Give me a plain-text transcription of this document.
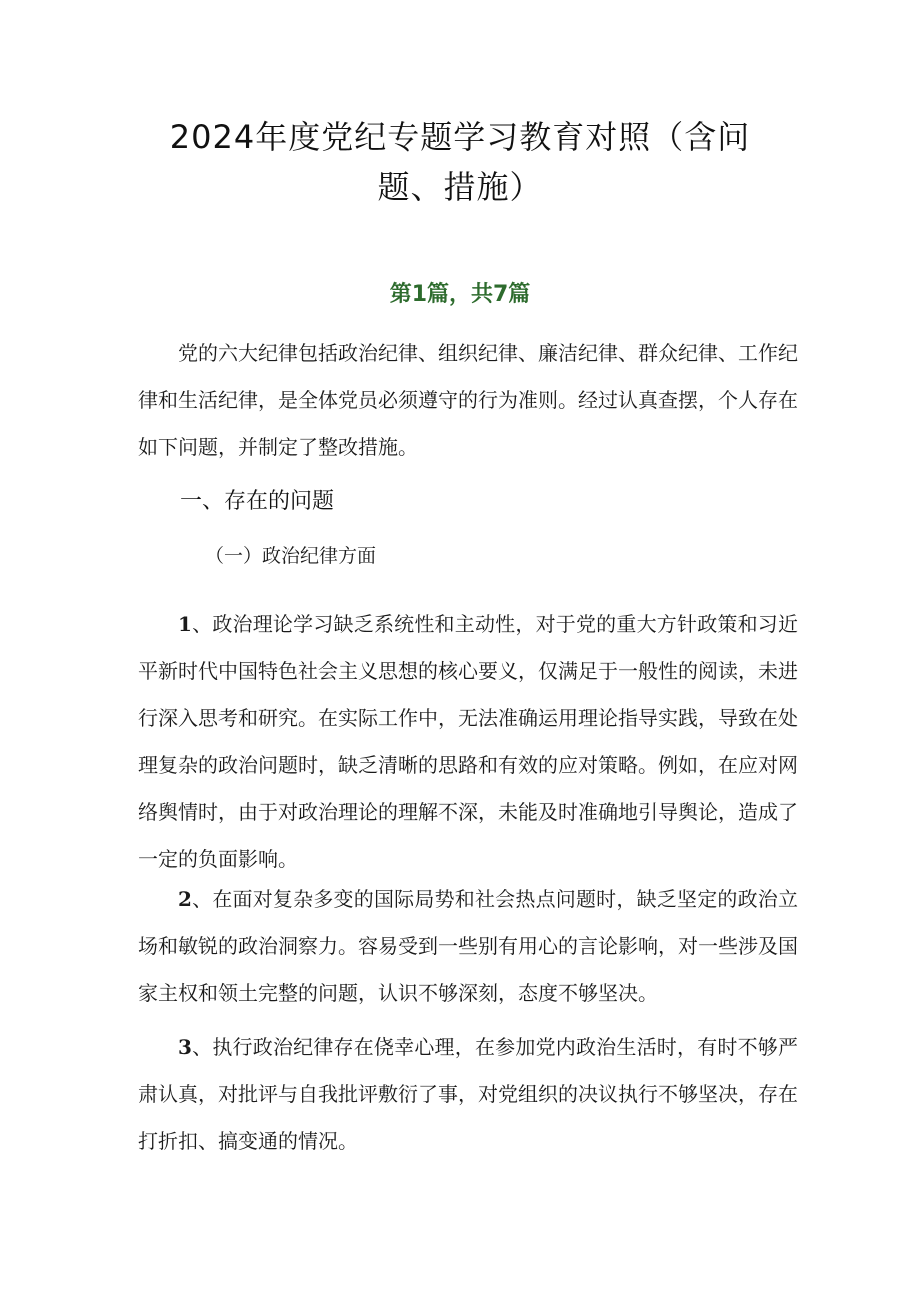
2024年度党纪专题学习教育对照（含问题、措施）
第1篇，共7篇

党的六大纪律包括政治纪律、组织纪律、廉洁纪律、群众纪律、工作纪律和生活纪律，是全体党员必须遵守的行为准则。经过认真查摆，个人存在如下问题，并制定了整改措施。

一、存在的问题
（一）政治纪律方面

1、政治理论学习缺乏系统性和主动性，对于党的重大方针政策和习近平新时代中国特色社会主义思想的核心要义，仅满足于一般性的阅读，未进行深入思考和研究。在实际工作中，无法准确运用理论指导实践，导致在处理复杂的政治问题时，缺乏清晰的思路和有效的应对策略。例如，在应对网络舆情时，由于对政治理论的理解不深，未能及时准确地引导舆论，造成了一定的负面影响。

2、在面对复杂多变的国际局势和社会热点问题时，缺乏坚定的政治立场和敏锐的政治洞察力。容易受到一些别有用心的言论影响，对一些涉及国家主权和领土完整的问题，认识不够深刻，态度不够坚决。

3、执行政治纪律存在侥幸心理，在参加党内政治生活时，有时不够严肃认真，对批评与自我批评敷衍了事，对党组织的决议执行不够坚决，存在打折扣、搞变通的情况。
